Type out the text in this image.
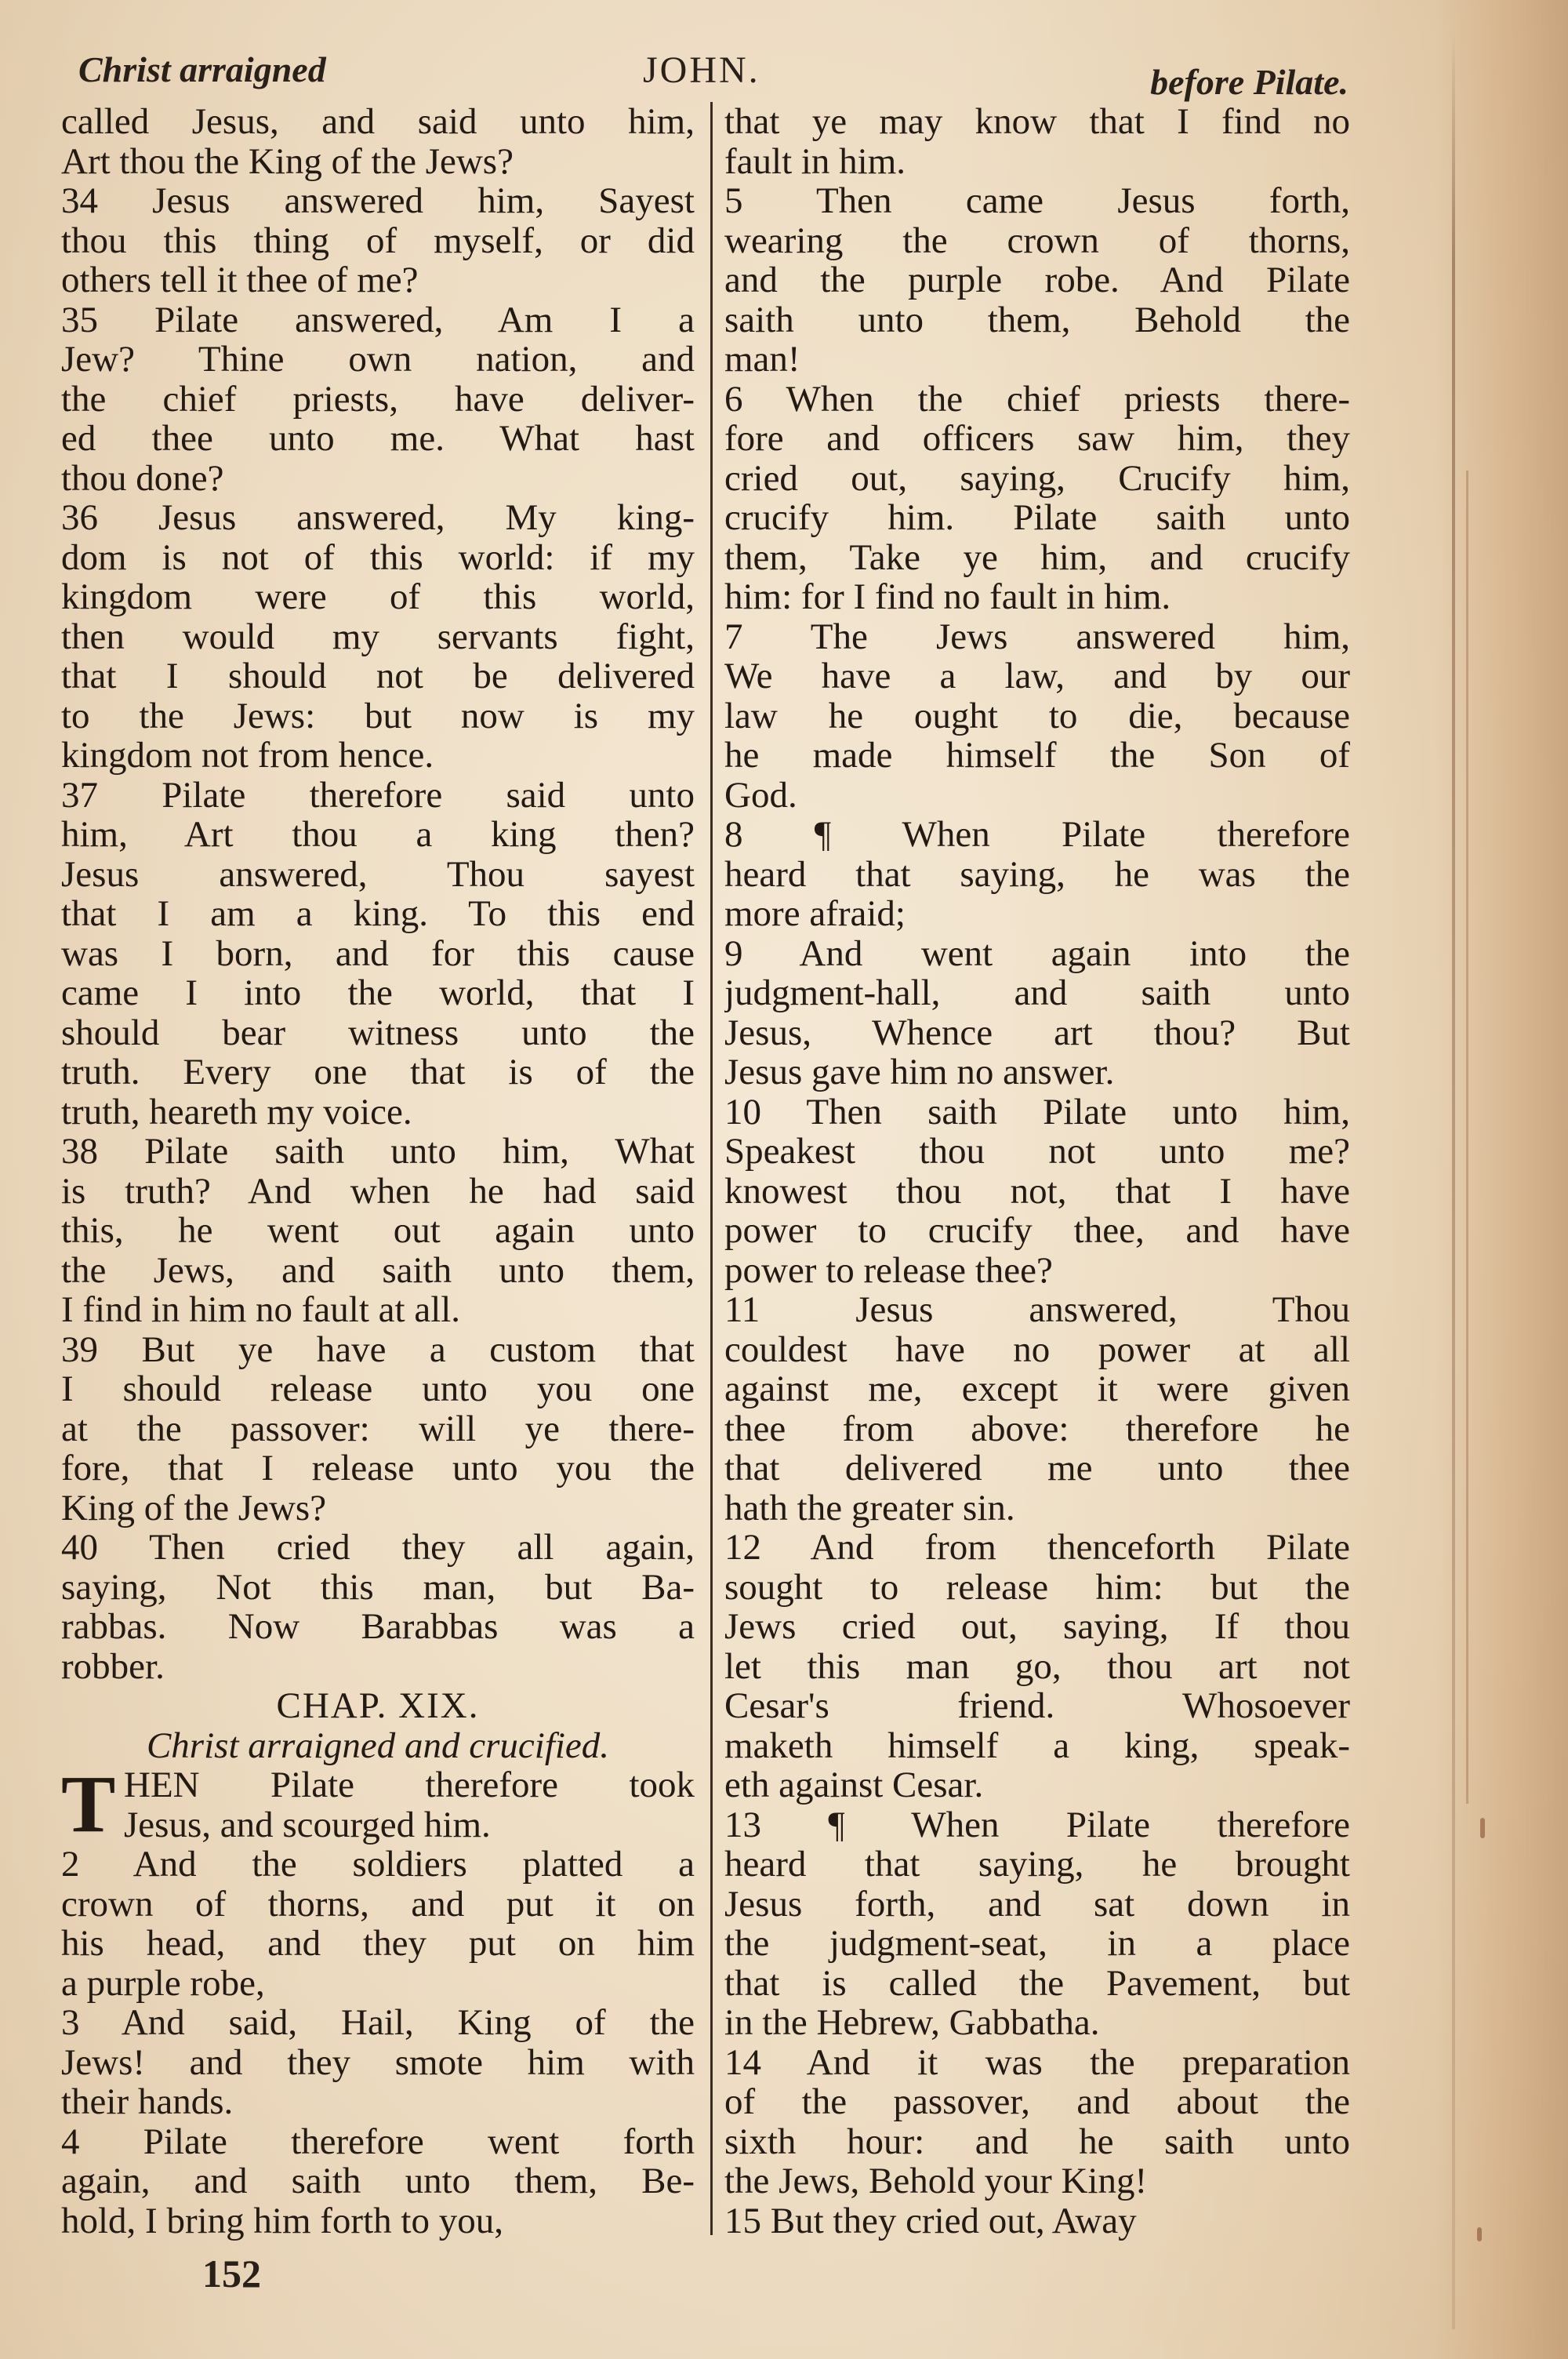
Christ arraigned	JOHN.	before Pilate.
called Jesus, and said unto him,
Art thou the King of the Jews?
34 Jesus answered him, Sayest
thou this thing of myself, or did
others tell it thee of me?
35 Pilate answered, Am I a
Jew? Thine own nation, and
the chief priests, have deliver-
ed thee unto me. What hast
thou done?
36 Jesus answered, My king-
dom is not of this world: if my
kingdom were of this world,
then would my servants fight,
that I should not be delivered
to the Jews: but now is my
kingdom not from hence.
37 Pilate therefore said unto
him, Art thou a king then?
Jesus answered, Thou sayest
that I am a king. To this end
was I born, and for this cause
came I into the world, that I
should bear witness unto the
truth. Every one that is of the
truth, heareth my voice.
38 Pilate saith unto him, What
is truth? And when he had said
this, he went out again unto
the Jews, and saith unto them,
I find in him no fault at all.
39 But ye have a custom that
I should release unto you one
at the passover: will ye there-
fore, that I release unto you the
King of the Jews?
40 Then cried they all again,
saying, Not this man, but Ba-
rabbas. Now Barabbas was a
robber.
CHAP. XIX.
Christ arraigned and crucified.
T HEN Pilate therefore took
Jesus, and scourged him.
2 And the soldiers platted a
crown of thorns, and put it on
his head, and they put on him
a purple robe,
3 And said, Hail, King of the
Jews! and they smote him with
their hands.
4 Pilate therefore went forth
again, and saith unto them, Be-
hold, I bring him forth to you,
that ye may know that I find no
fault in him.
5 Then came Jesus forth,
wearing the crown of thorns,
and the purple robe. And Pilate
saith unto them, Behold the
man!
6 When the chief priests there-
fore and officers saw him, they
cried out, saying, Crucify him,
crucify him. Pilate saith unto
them, Take ye him, and crucify
him: for I find no fault in him.
7 The Jews answered him,
We have a law, and by our
law he ought to die, because
he made himself the Son of
God.
8 ¶ When Pilate therefore
heard that saying, he was the
more afraid;
9 And went again into the
judgment-hall, and saith unto
Jesus, Whence art thou? But
Jesus gave him no answer.
10 Then saith Pilate unto him,
Speakest thou not unto me?
knowest thou not, that I have
power to crucify thee, and have
power to release thee?
11 Jesus answered, Thou
couldest have no power at all
against me, except it were given
thee from above: therefore he
that delivered me unto thee
hath the greater sin.
12 And from thenceforth Pilate
sought to release him: but the
Jews cried out, saying, If thou
let this man go, thou art not
Cesar's friend. Whosoever
maketh himself a king, speak-
eth against Cesar.
13 ¶ When Pilate therefore
heard that saying, he brought
Jesus forth, and sat down in
the judgment-seat, in a place
that is called the Pavement, but
in the Hebrew, Gabbatha.
14 And it was the preparation
of the passover, and about the
sixth hour: and he saith unto
the Jews, Behold your King!
15 But they cried out, Away
152
